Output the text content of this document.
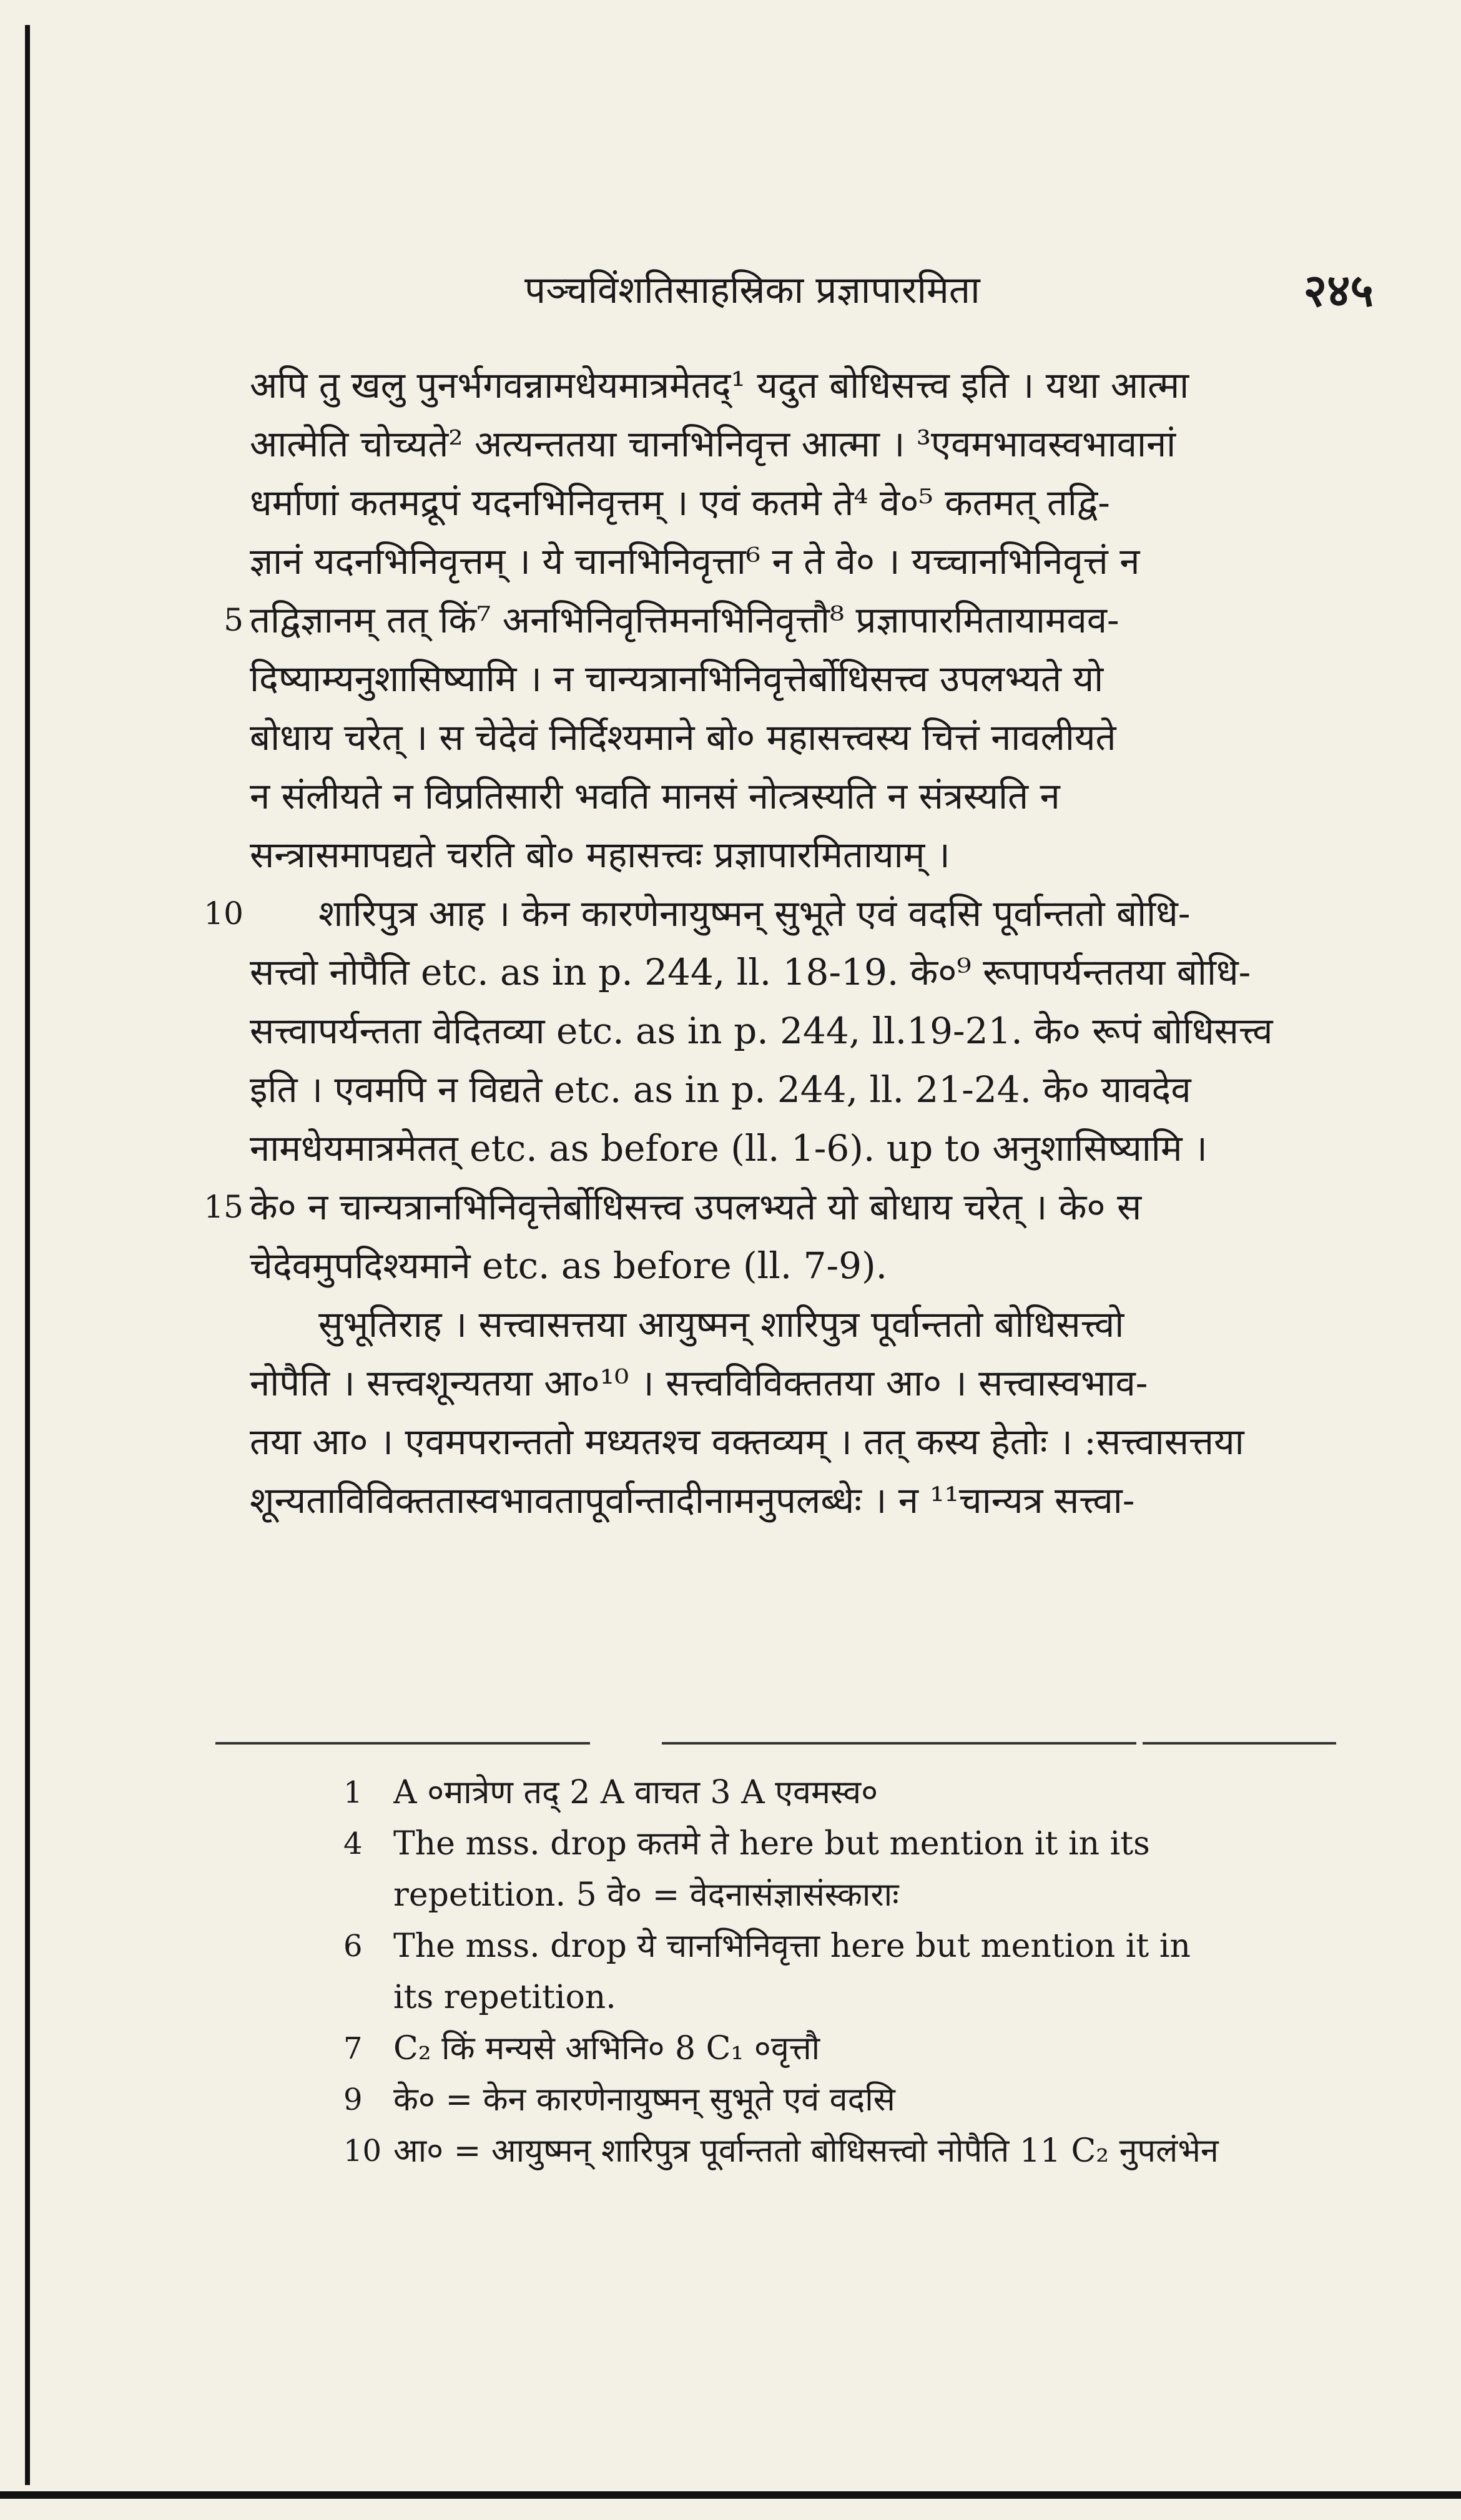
पञ्चविंशतिसाहस्रिका प्रज्ञापारमिता	२४५
अपि तु खलु पुनर्भगवन्नामधेयमात्रमेतद्¹ यदुत बोधिसत्त्व इति । यथा आत्मा
आत्मेति चोच्यते² अत्यन्ततया चानभिनिवृत्त आत्मा । ³एवमभावस्वभावानां
धर्माणां कतमद्रूपं यदनभिनिवृत्तम् । एवं कतमे ते⁴ वे०⁵ कतमत् तद्वि-
ज्ञानं यदनभिनिवृत्तम् । ये चानभिनिवृत्ता⁶ न ते वे० । यच्चानभिनिवृत्तं न
5 तद्विज्ञानम् तत् किं⁷ अनभिनिवृत्तिमनभिनिवृत्तौ⁸ प्रज्ञापारमितायामवव-
दिष्याम्यनुशासिष्यामि । न चान्यत्रानभिनिवृत्तेर्बोधिसत्त्व उपलभ्यते यो
बोधाय चरेत् । स चेदेवं निर्दिश्यमाने बो० महासत्त्वस्य चित्तं नावलीयते
न संलीयते न विप्रतिसारी भवति मानसं नोत्त्रस्यति न संत्रस्यति न
सन्त्रासमापद्यते चरति बो० महासत्त्वः प्रज्ञापारमितायाम् ।
10 शारिपुत्र आह । केन कारणेनायुष्मन् सुभूते एवं वदसि पूर्वान्ततो बोधि-
सत्त्वो नोपैति etc. as in p. 244, ll. 18-19. के०⁹ रूपापर्यन्ततया बोधि-
सत्त्वापर्यन्तता वेदितव्या etc. as in p. 244, ll.19-21. के० रूपं बोधिसत्त्व
इति । एवमपि न विद्यते etc. as in p. 244, ll. 21-24. के० यावदेव
नामधेयमात्रमेतत् etc. as before (ll. 1-6). up to अनुशासिष्यामि ।
15 के० न चान्यत्रानभिनिवृत्तेर्बोधिसत्त्व उपलभ्यते यो बोधाय चरेत् । के० स
चेदेवमुपदिश्यमाने etc. as before (ll. 7-9).
सुभूतिराह । सत्त्वासत्तया आयुष्मन् शारिपुत्र पूर्वान्ततो बोधिसत्त्वो
नोपैति । सत्त्वशून्यतया आ०¹⁰ । सत्त्वविविक्ततया आ० । सत्त्वास्वभाव-
तया आ० । एवमपरान्ततो मध्यतश्च वक्तव्यम् । तत् कस्य हेतोः । :सत्त्वासत्तया
शून्यताविविक्ततास्वभावतापूर्वान्तादीनामनुपलब्धेः । न ¹¹चान्यत्र सत्त्वा-
1 A ०मात्रेण तद् 2 A वाचत 3 A एवमस्व०
4 The mss. drop कतमे ते here but mention it in its
repetition. 5 वे० = वेदनासंज्ञासंस्काराः
6 The mss. drop ये चानभिनिवृत्ता here but mention it in
its repetition.
7 C₂ किं मन्यसे अभिनि० 8 C₁ ०वृत्तौ
9 के० = केन कारणेनायुष्मन् सुभूते एवं वदसि
10 आ० = आयुष्मन् शारिपुत्र पूर्वान्ततो बोधिसत्त्वो नोपैति 11 C₂ नुपलंभेन
